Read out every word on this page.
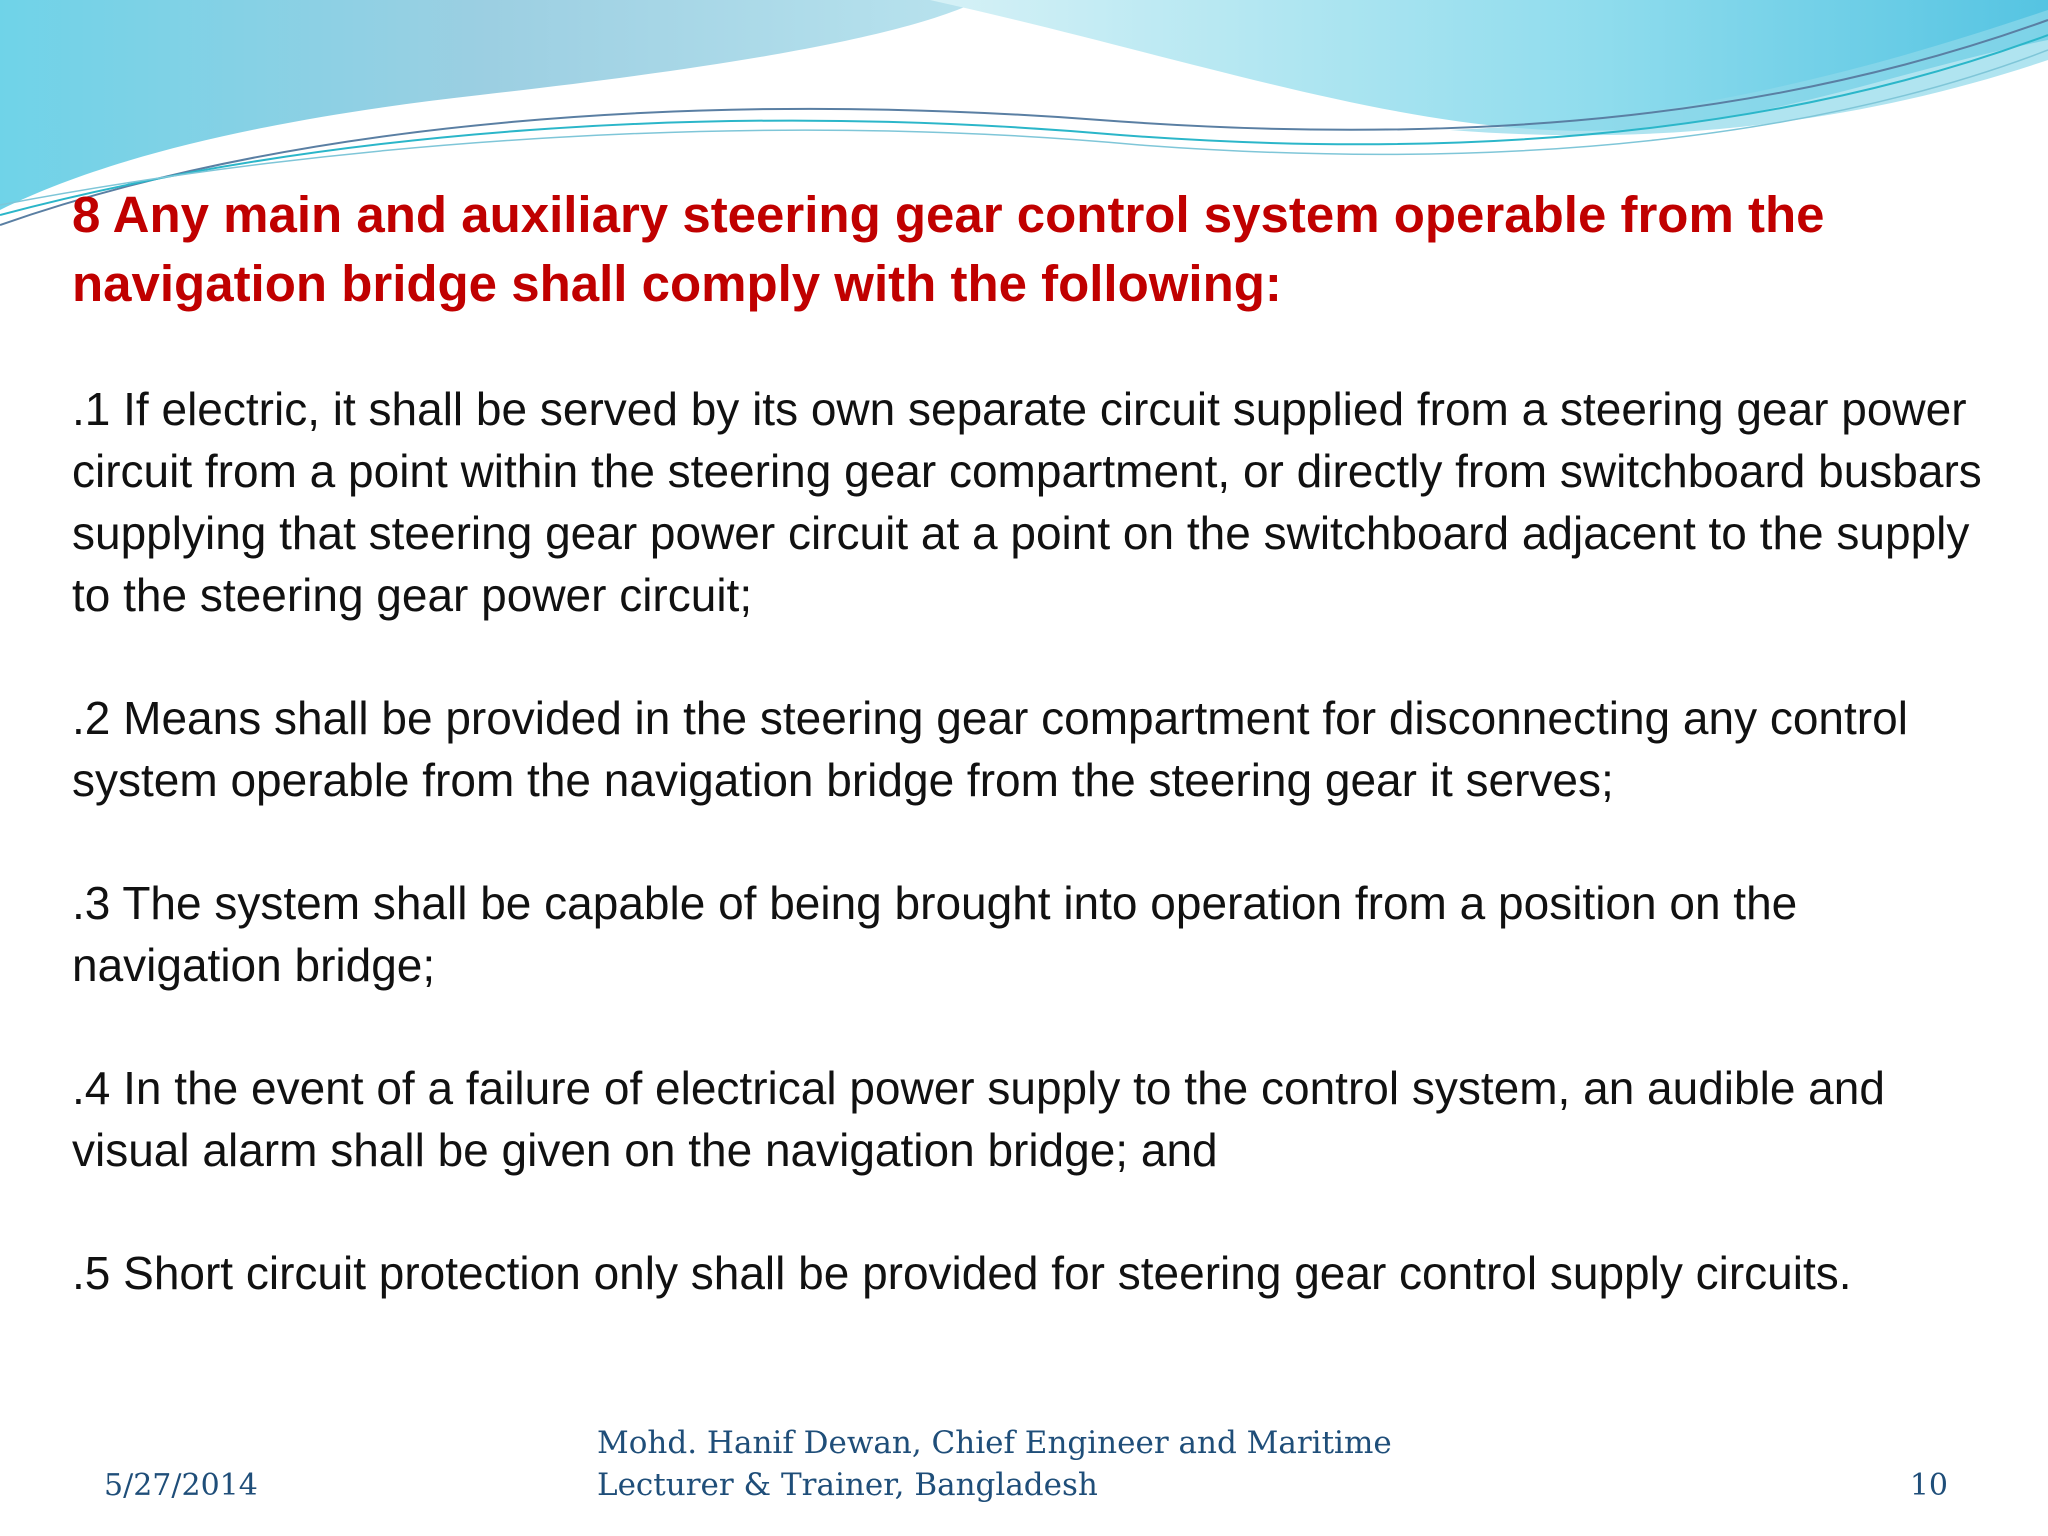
8 Any main and auxiliary steering gear control system operable from the navigation bridge shall comply with the following:

.1 If electric, it shall be served by its own separate circuit supplied from a steering gear power circuit from a point within the steering gear compartment, or directly from switchboard busbars supplying that steering gear power circuit at a point on the switchboard adjacent to the supply to the steering gear power circuit;

.2 Means shall be provided in the steering gear compartment for disconnecting any control system operable from the navigation bridge from the steering gear it serves;

.3 The system shall be capable of being brought into operation from a position on the navigation bridge;

.4 In the event of a failure of electrical power supply to the control system, an audible and visual alarm shall be given on the navigation bridge; and

.5 Short circuit protection only shall be provided for steering gear control supply circuits.

5/27/2014
Mohd. Hanif Dewan, Chief Engineer and Maritime Lecturer & Trainer, Bangladesh	10
